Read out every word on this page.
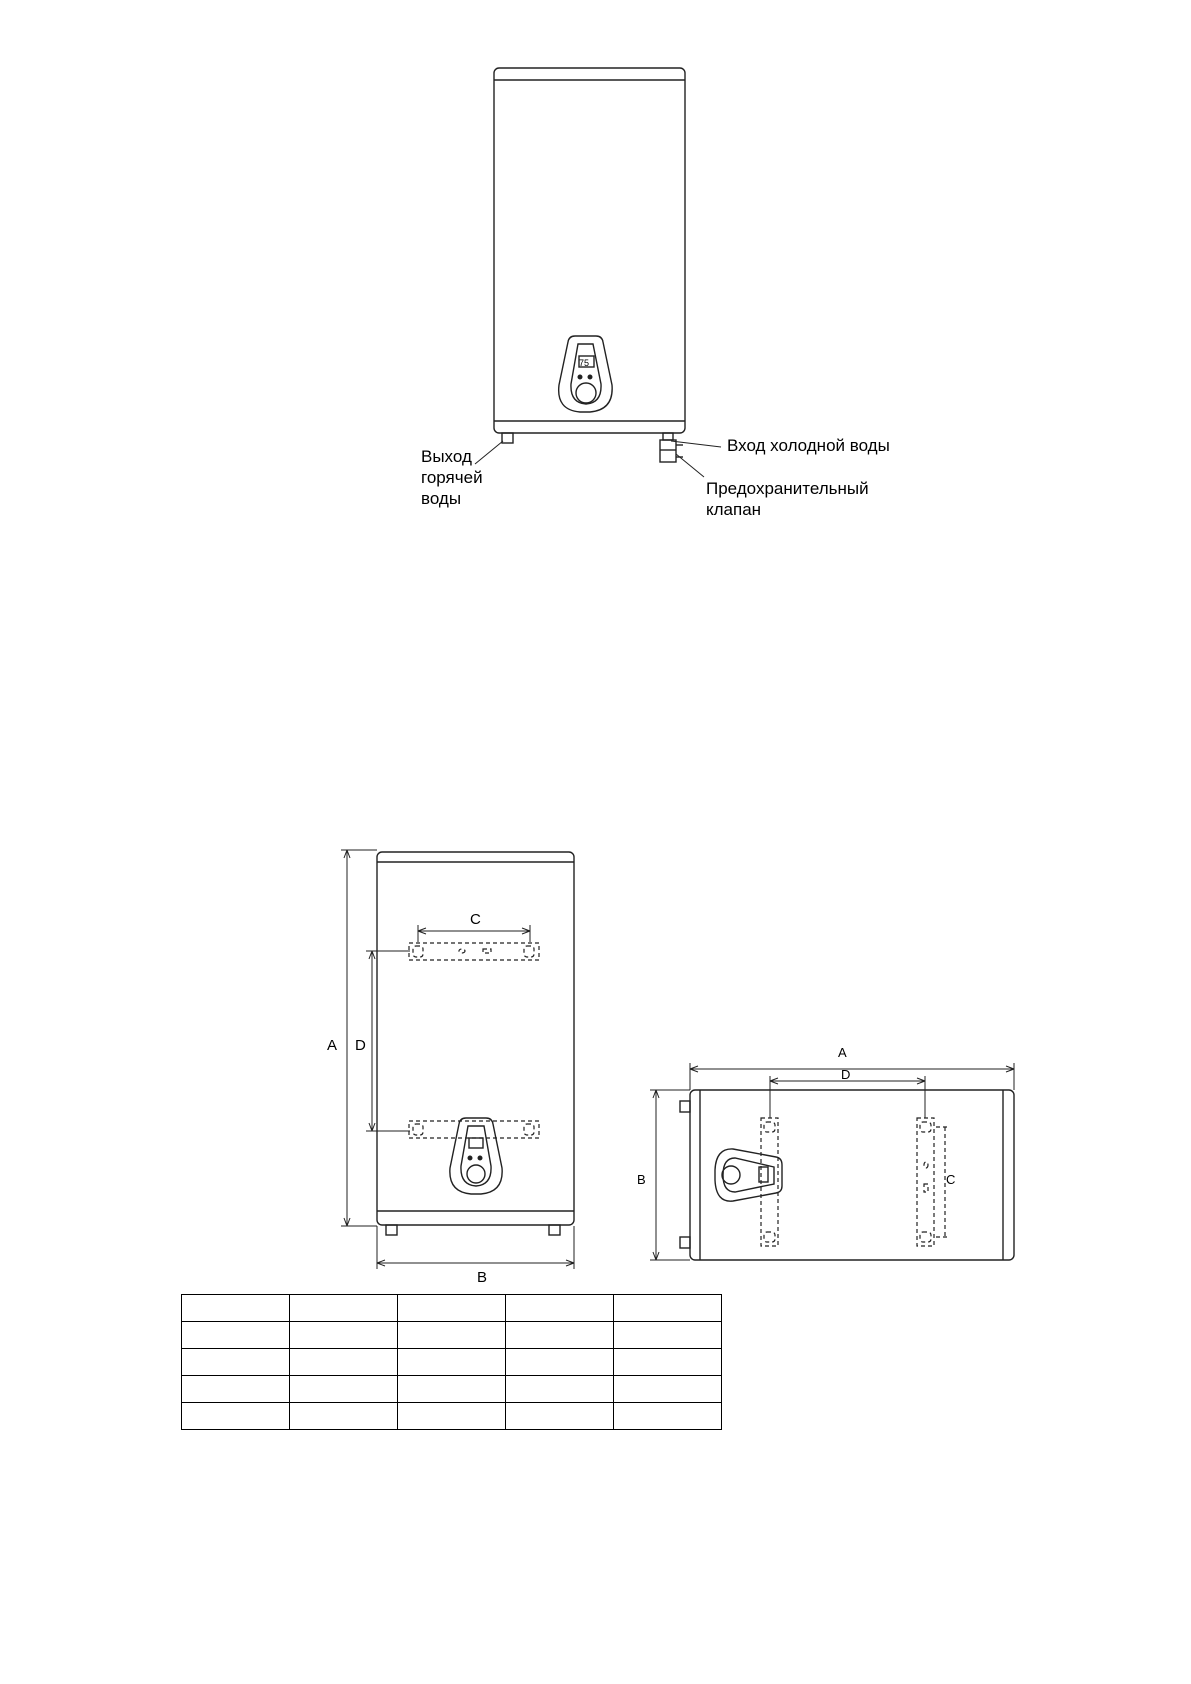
75
Выход
горячей
воды
Вход холодной воды
Предохранительный
клапан
A D
C
B
A
D
B	C
